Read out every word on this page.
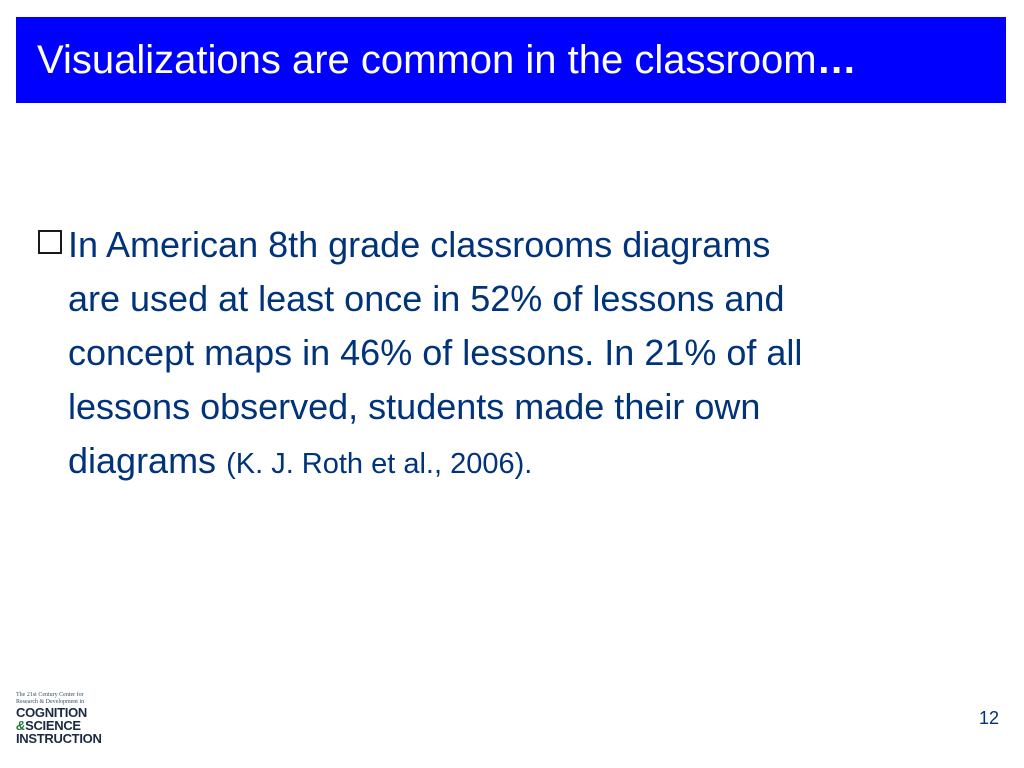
Visualizations are common in the classroom…
In American 8th grade classrooms diagrams
are used at least once in 52% of lessons and
concept maps in 46% of lessons. In 21% of all
lessons observed, students made their own
diagrams (K. J. Roth et al., 2006).
The 21st Century Center for
Research & Development in
COGNITION
&SCIENCE
INSTRUCTION
12
